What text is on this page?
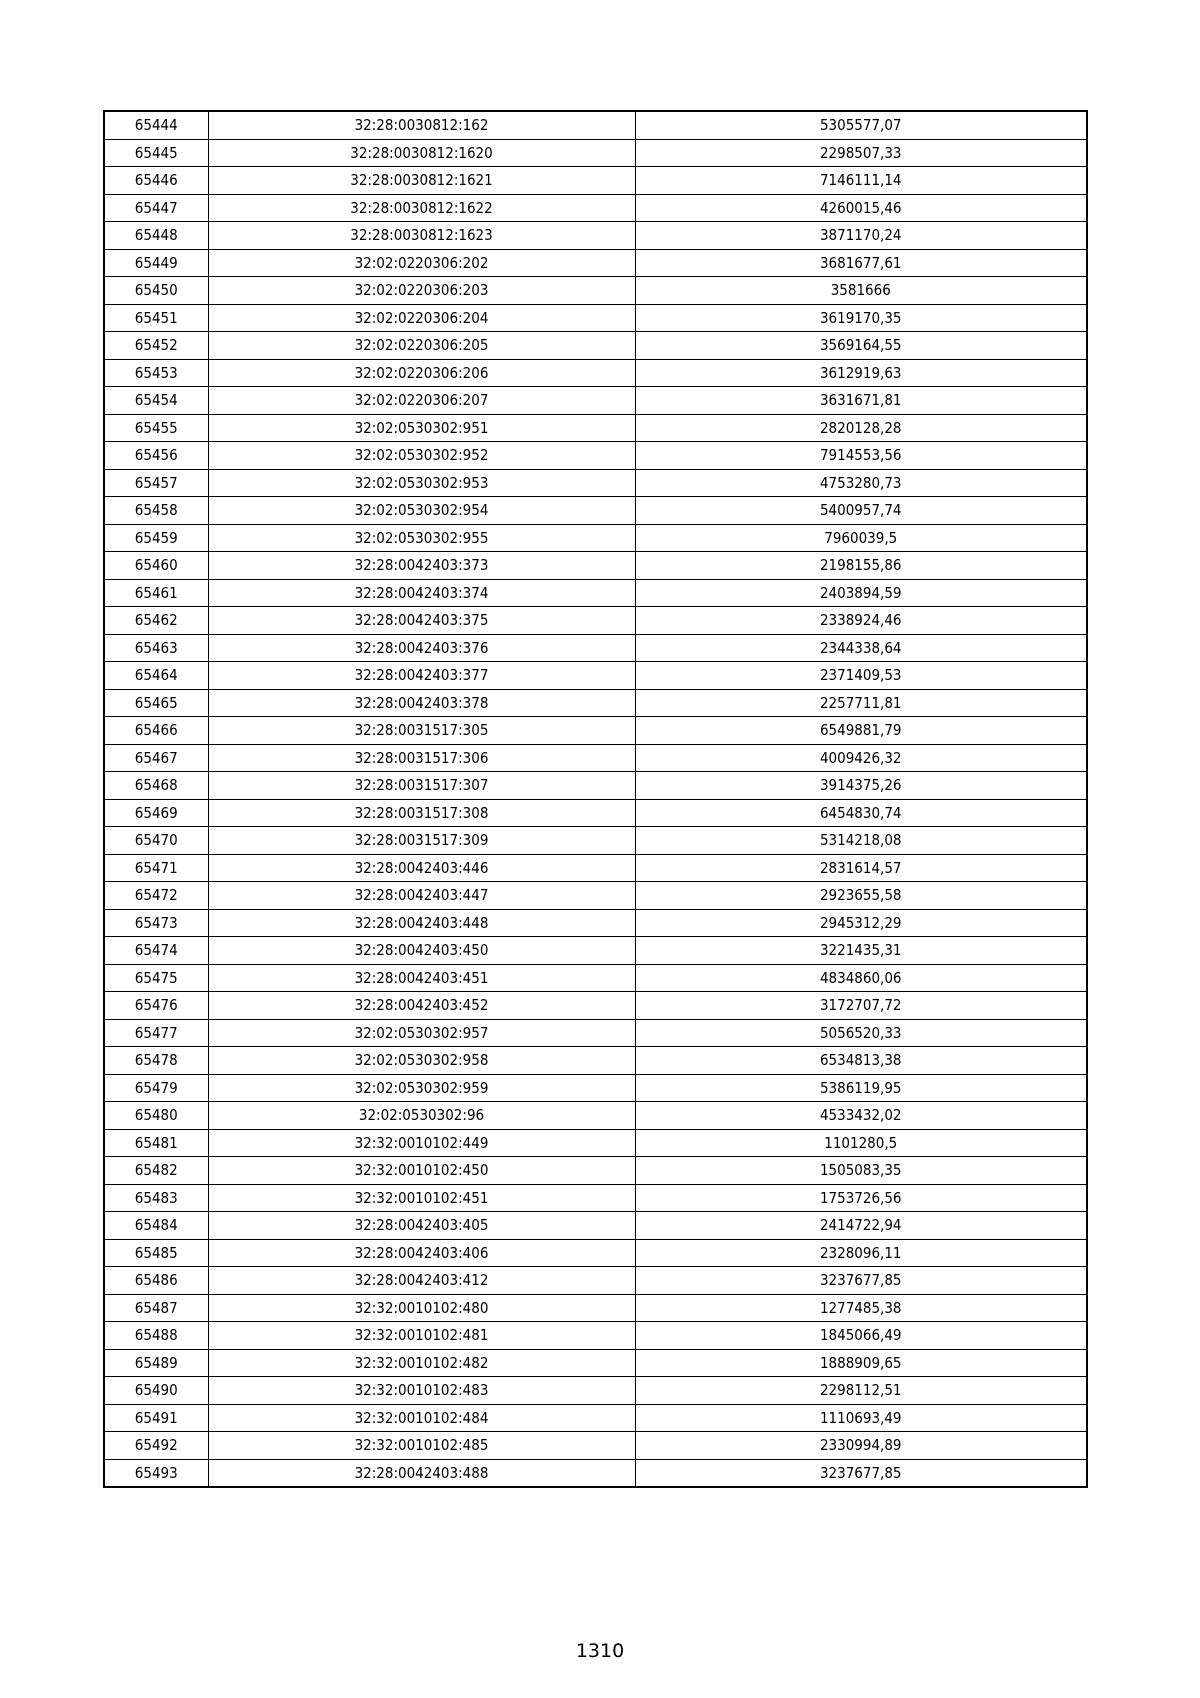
65444	32:28:0030812:162	5305577,07
65445	32:28:0030812:1620	2298507,33
65446	32:28:0030812:1621	7146111,14
65447	32:28:0030812:1622	4260015,46
65448	32:28:0030812:1623	3871170,24
65449	32:02:0220306:202	3681677,61
65450	32:02:0220306:203	3581666
65451	32:02:0220306:204	3619170,35
65452	32:02:0220306:205	3569164,55
65453	32:02:0220306:206	3612919,63
65454	32:02:0220306:207	3631671,81
65455	32:02:0530302:951	2820128,28
65456	32:02:0530302:952	7914553,56
65457	32:02:0530302:953	4753280,73
65458	32:02:0530302:954	5400957,74
65459	32:02:0530302:955	7960039,5
65460	32:28:0042403:373	2198155,86
65461	32:28:0042403:374	2403894,59
65462	32:28:0042403:375	2338924,46
65463	32:28:0042403:376	2344338,64
65464	32:28:0042403:377	2371409,53
65465	32:28:0042403:378	2257711,81
65466	32:28:0031517:305	6549881,79
65467	32:28:0031517:306	4009426,32
65468	32:28:0031517:307	3914375,26
65469	32:28:0031517:308	6454830,74
65470	32:28:0031517:309	5314218,08
65471	32:28:0042403:446	2831614,57
65472	32:28:0042403:447	2923655,58
65473	32:28:0042403:448	2945312,29
65474	32:28:0042403:450	3221435,31
65475	32:28:0042403:451	4834860,06
65476	32:28:0042403:452	3172707,72
65477	32:02:0530302:957	5056520,33
65478	32:02:0530302:958	6534813,38
65479	32:02:0530302:959	5386119,95
65480	32:02:0530302:96	4533432,02
65481	32:32:0010102:449	1101280,5
65482	32:32:0010102:450	1505083,35
65483	32:32:0010102:451	1753726,56
65484	32:28:0042403:405	2414722,94
65485	32:28:0042403:406	2328096,11
65486	32:28:0042403:412	3237677,85
65487	32:32:0010102:480	1277485,38
65488	32:32:0010102:481	1845066,49
65489	32:32:0010102:482	1888909,65
65490	32:32:0010102:483	2298112,51
65491	32:32:0010102:484	1110693,49
65492	32:32:0010102:485	2330994,89
65493	32:28:0042403:488	3237677,85
1310
